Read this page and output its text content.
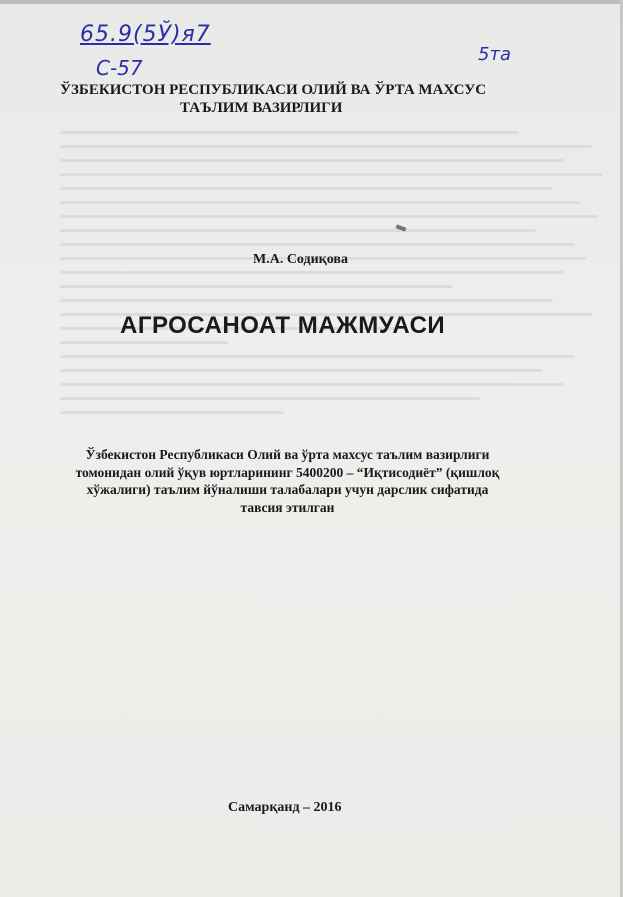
65.9(5Ў)я7
С-57
5та
ЎЗБЕКИСТОН РЕСПУБЛИКАСИ ОЛИЙ ВА ЎРТА МАХСУС
ТАЪЛИМ ВАЗИРЛИГИ
М.А. Содиқова
АГРОСАНОАТ МАЖМУАСИ
Ўзбекистон Республикаси Олий ва ўрта махсус таълим вазирлиги
томонидан олий ўқув юртларининг 5400200 – “Иқтисодиёт” (қишлоқ
хўжалиги) таълим йўналиши талабалари учун дарслик сифатида
тавсия этилган
Самарқанд – 2016
